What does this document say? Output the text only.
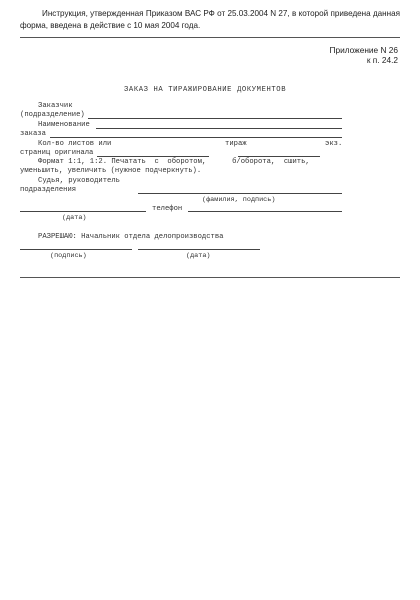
Инструкция, утвержденная Приказом ВАС РФ от 25.03.2004 N 27, в которой приведена данная форма, введена в действие с 10 мая 2004 года.
Приложение N 26
к п. 24.2
ЗАКАЗ НА ТИРАЖИРОВАНИЕ ДОКУМЕНТОВ
Заказчик
(подразделение)
Наименование
заказа
Кол-во листов или	тираж	экз.
страниц оригинала
Формат 1:1, 1:2. Печатать  с  оборотом,      б/оборота,  сшить,
уменьшить, увеличить (нужное подчеркнуть).
Судья, руководитель
подразделения
(фамилия, подпись)
телефон
(дата)
РАЗРЕШАЮ: Начальник отдела делопроизводства
(подпись)	(дата)
